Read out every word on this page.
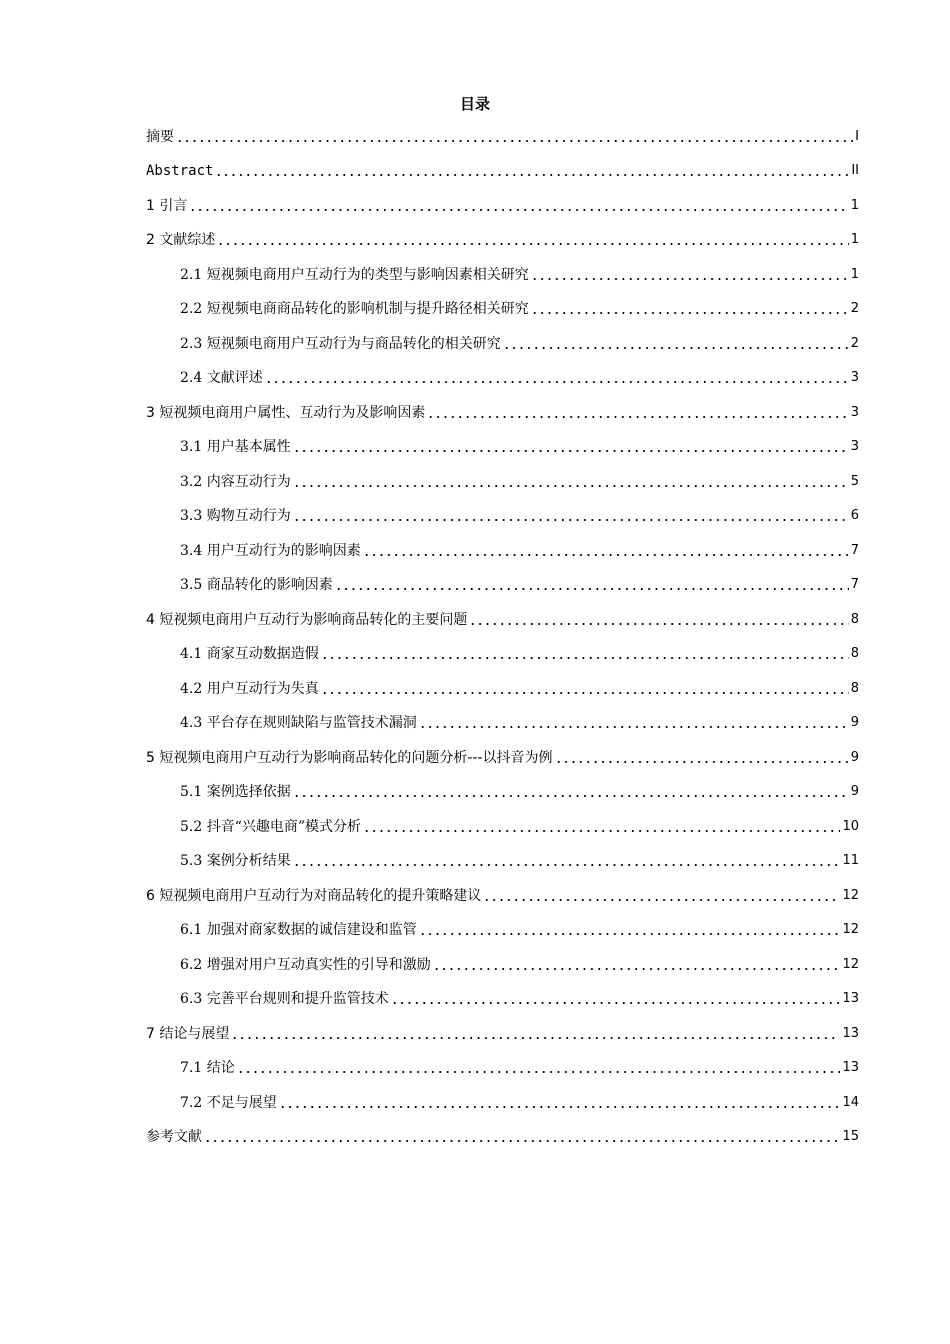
目录
摘要	I
Abstract	II
1 引言	1
2 文献综述	1
2.1 短视频电商用户互动行为的类型与影响因素相关研究	1
2.2 短视频电商商品转化的影响机制与提升路径相关研究	2
2.3 短视频电商用户互动行为与商品转化的相关研究	2
2.4 文献评述	3
3 短视频电商用户属性、互动行为及影响因素	3
3.1 用户基本属性	3
3.2 内容互动行为	5
3.3 购物互动行为	6
3.4 用户互动行为的影响因素	7
3.5 商品转化的影响因素	7
4 短视频电商用户互动行为影响商品转化的主要问题	8
4.1 商家互动数据造假	8
4.2 用户互动行为失真	8
4.3 平台存在规则缺陷与监管技术漏洞	9
5 短视频电商用户互动行为影响商品转化的问题分析---以抖音为例	9
5.1 案例选择依据	9
5.2 抖音“兴趣电商”模式分析	10
5.3 案例分析结果	11
6 短视频电商用户互动行为对商品转化的提升策略建议	12
6.1 加强对商家数据的诚信建设和监管	12
6.2 增强对用户互动真实性的引导和激励	12
6.3 完善平台规则和提升监管技术	13
7 结论与展望	13
7.1 结论	13
7.2 不足与展望	14
参考文献	15
